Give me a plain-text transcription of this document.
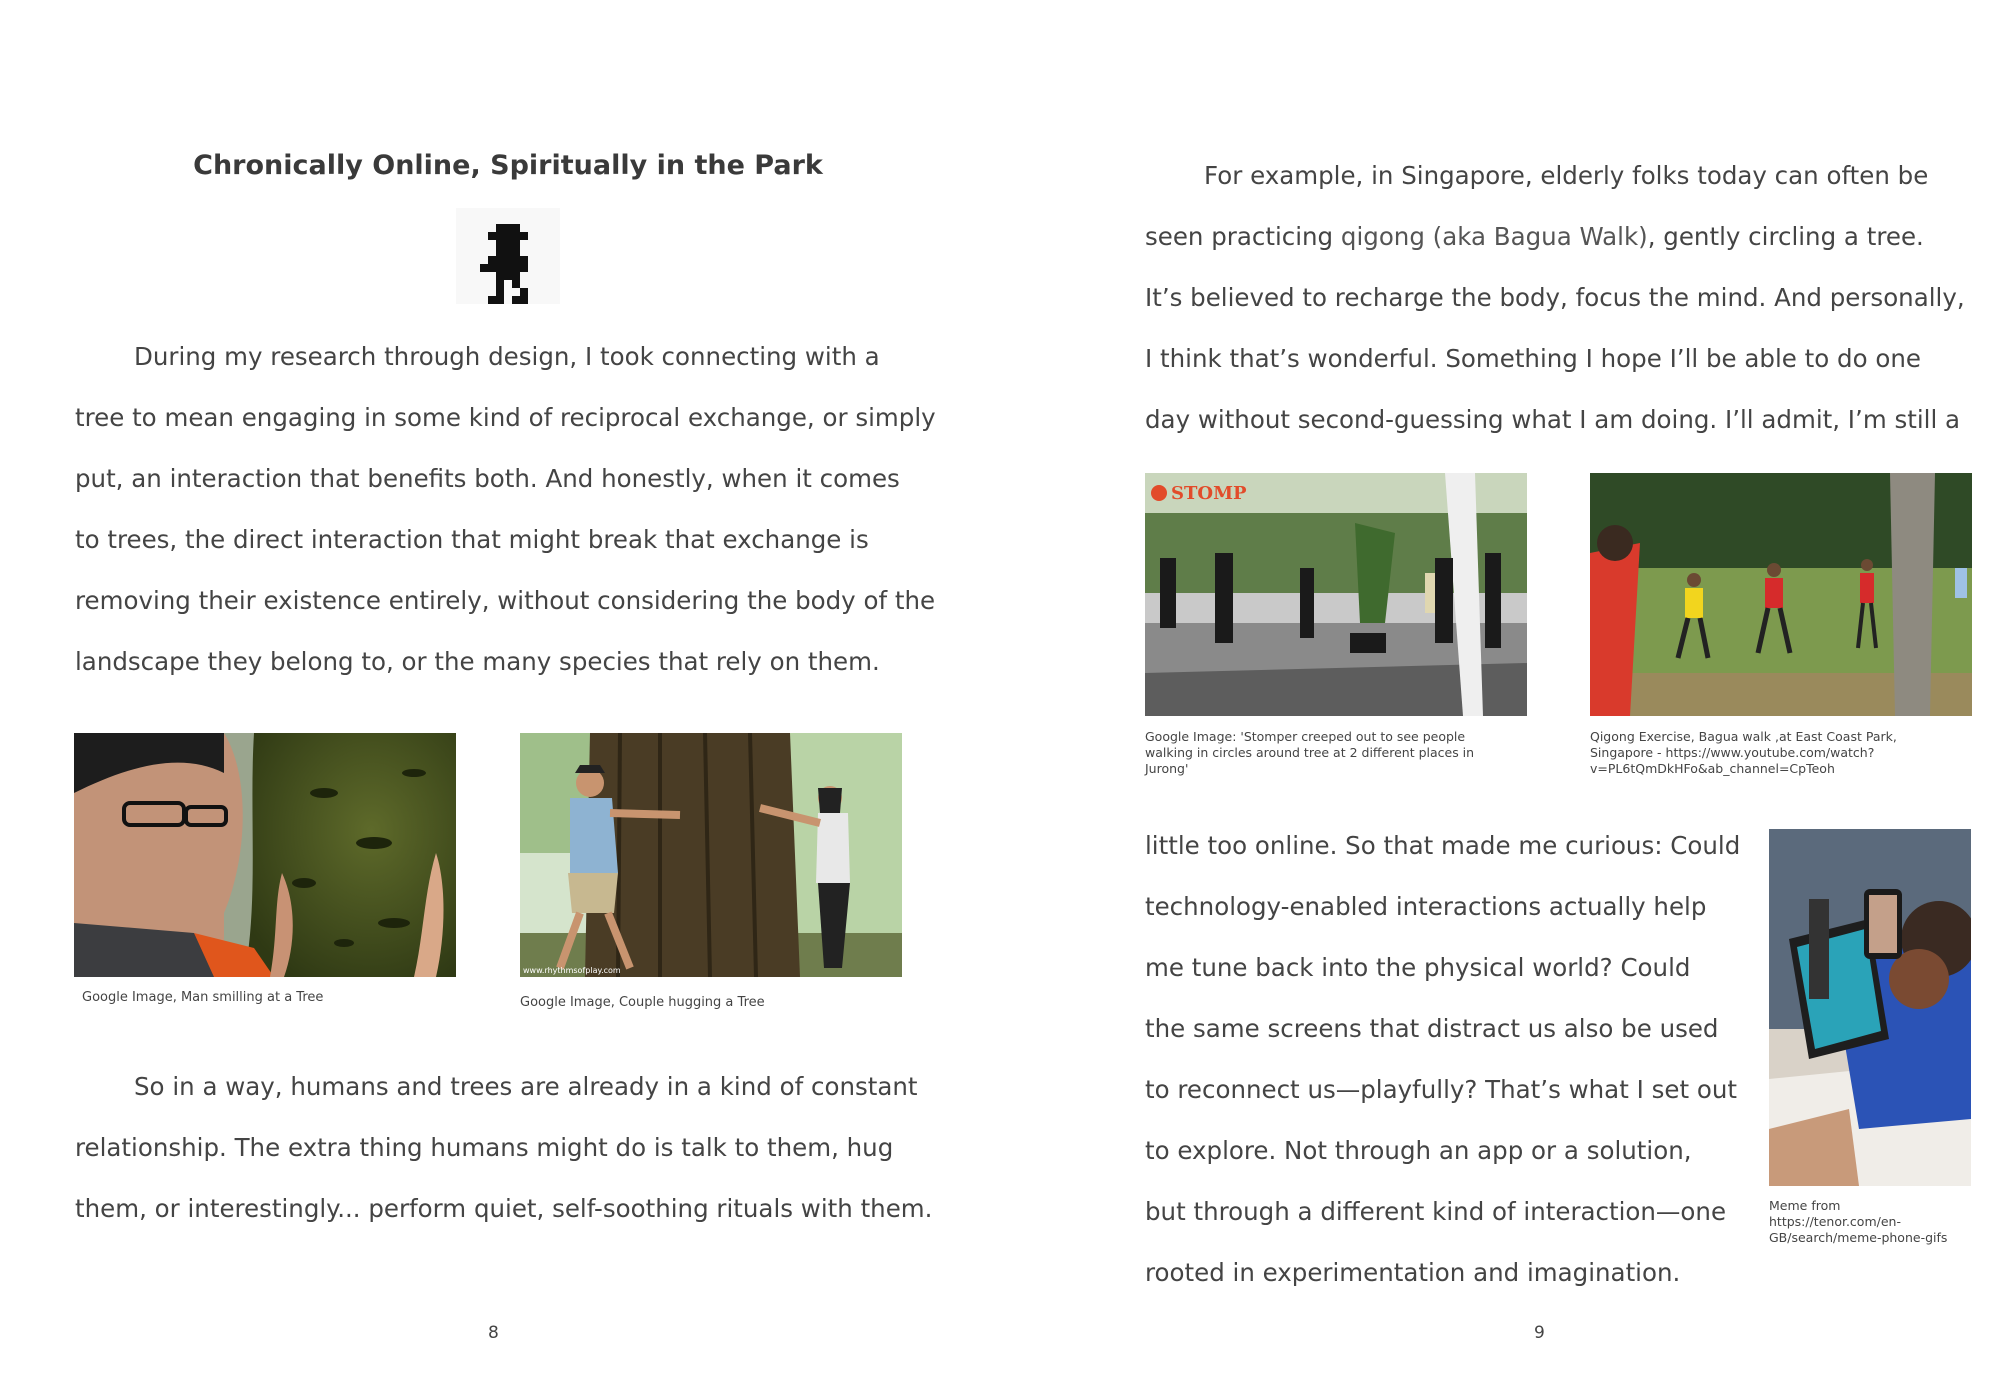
Chronically Online, Spiritually in the Park

During my research through design, I took connecting with a

tree to mean engaging in some kind of reciprocal exchange, or simply

put, an interaction that benefits both. And honestly, when it comes

to trees, the direct interaction that might break that exchange is

removing their existence entirely, without considering the body of the

landscape they belong to, or the many species that rely on them.

Google Image, Man smilling at a Tree
www.rhythmsofplay.com
Google Image, Couple hugging a Tree

So in a way, humans and trees are already in a kind of constant

relationship. The extra thing humans might do is talk to them, hug

them, or interestingly... perform quiet, self-soothing rituals with them.

8

For example, in Singapore, elderly folks today can often be

seen practicing qigong (aka Bagua Walk), gently circling a tree.

It’s believed to recharge the body, focus the mind. And personally,

I think that’s wonderful. Something I hope I’ll be able to do one

day without second-guessing what I am doing. I’ll admit, I’m still a

STOMP
Google Image: 'Stomper creeped out to see people walking in circles around tree at 2 different places in Jurong'
Qigong Exercise, Bagua walk ,at East Coast Park, Singapore - https://www.youtube.com/watch?v=PL6tQmDkHFo&ab_channel=CpTeoh

little too online. So that made me curious: Could

technology-enabled interactions actually help

me tune back into the physical world? Could

the same screens that distract us also be used

to reconnect us—playfully? That’s what I set out

to explore. Not through an app or a solution,

but through a different kind of interaction—one

rooted in experimentation and imagination.

Meme from https://tenor.com/en-GB/search/meme-phone-gifs
9
